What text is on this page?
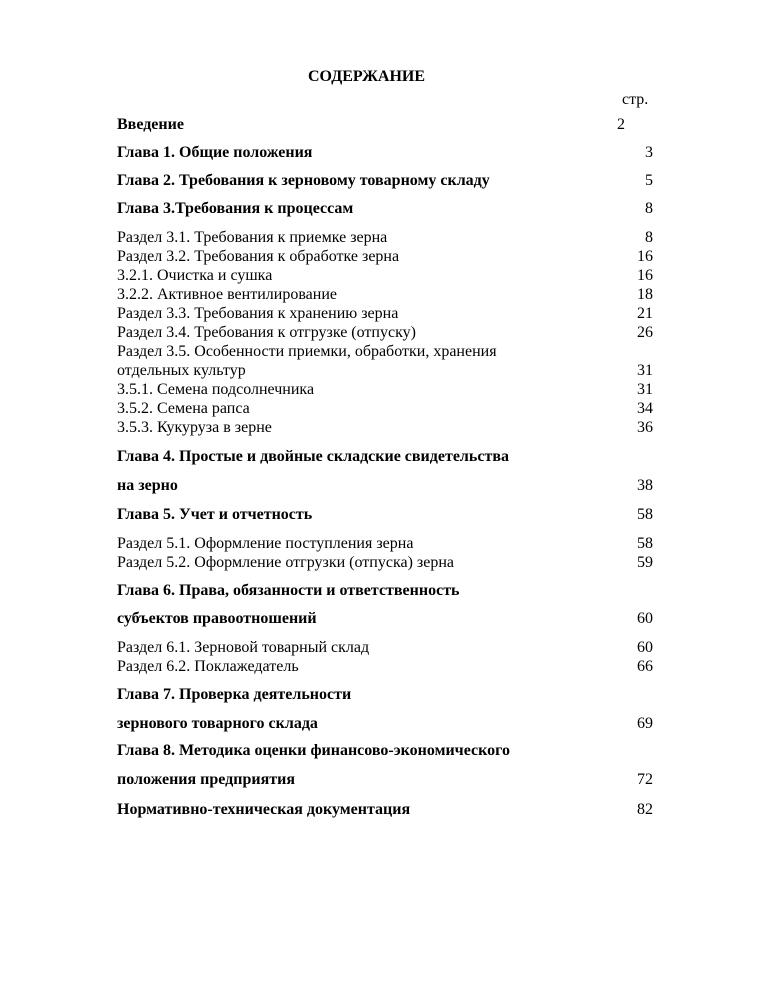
СОДЕРЖАНИЕ
стр.
Введение	2
Глава 1. Общие положения	3
Глава 2. Требования к зерновому товарному складу	5
Глава 3.Требования к процессам	8
Раздел 3.1. Требования к приемке зерна	8
Раздел 3.2. Требования к обработке зерна	16
3.2.1. Очистка и сушка	16
3.2.2. Активное вентилирование	18
Раздел 3.3. Требования к хранению зерна	21
Раздел 3.4. Требования к отгрузке (отпуску)	26
Раздел 3.5. Особенности приемки, обработки, хранения
отдельных культур	31
3.5.1. Семена подсолнечника	31
3.5.2. Семена рапса	34
3.5.3. Кукуруза в зерне	36
Глава 4. Простые и двойные складские свидетельства
на зерно	38
Глава 5. Учет и отчетность	58
Раздел 5.1. Оформление поступления зерна	58
Раздел 5.2. Оформление отгрузки (отпуска) зерна	59
Глава 6. Права, обязанности и ответственность
субъектов правоотношений	60
Раздел 6.1. Зерновой товарный склад	60
Раздел 6.2. Поклажедатель	66
Глава 7. Проверка деятельности
зернового товарного склада	69
Глава 8. Методика оценки финансово-экономического
положения предприятия	72
Нормативно-техническая документация	82
